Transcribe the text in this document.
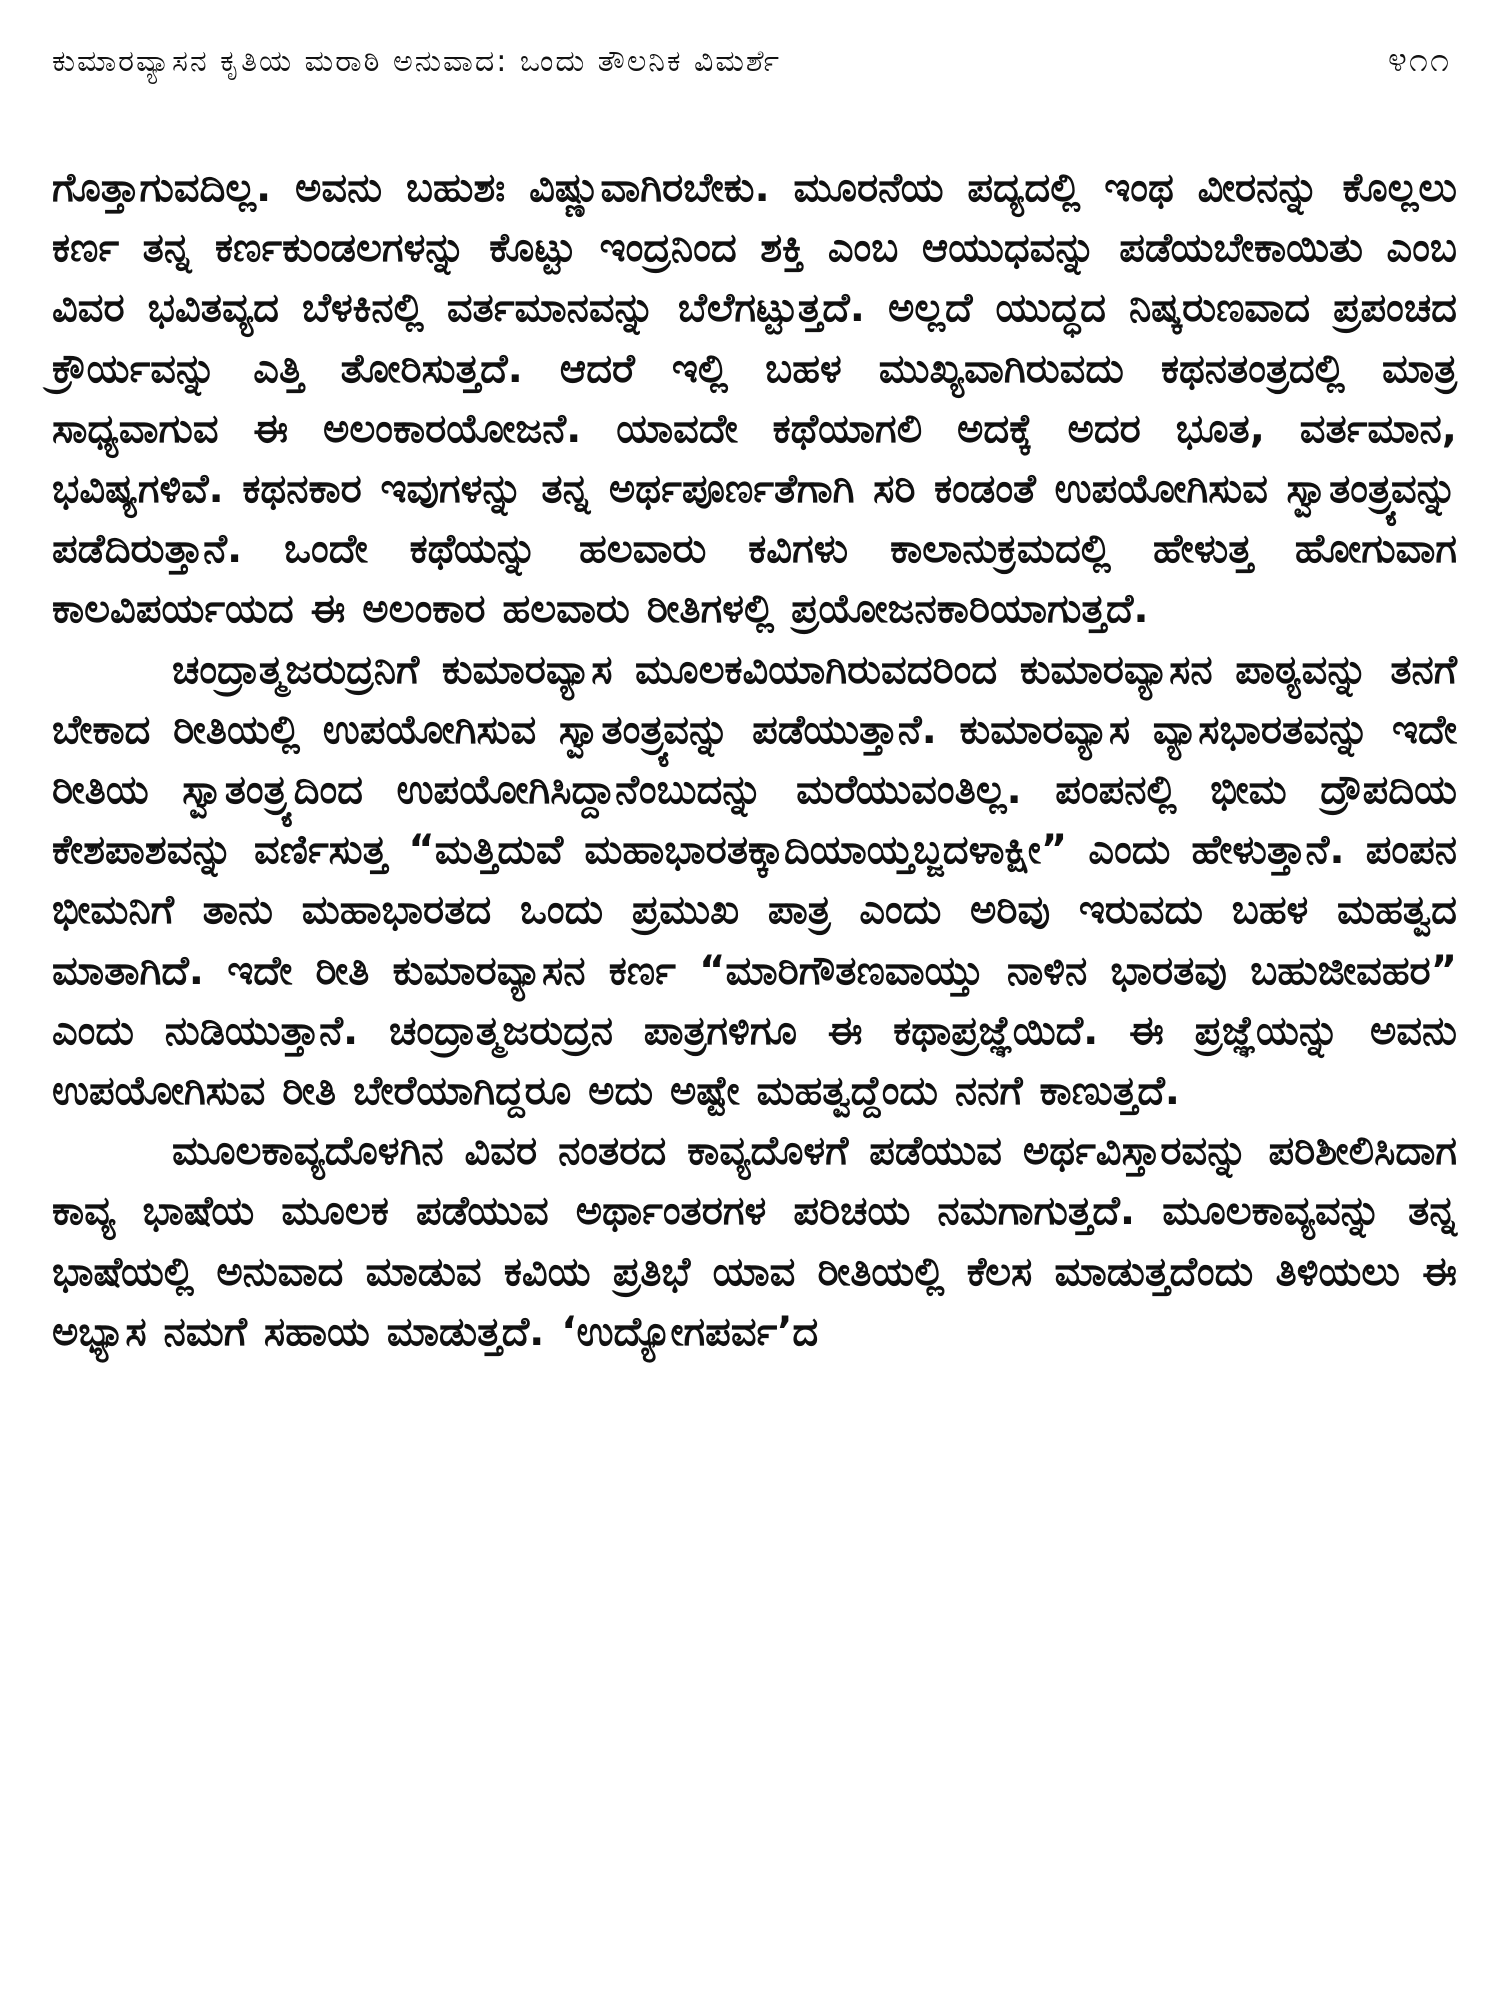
ಕುಮಾರವ್ಯಾಸನ ಕೃತಿಯ ಮರಾಠಿ ಅನುವಾದ: ಒಂದು ತೌಲನಿಕ ವಿಮರ್ಶೆ	೪೧೧

ಗೊತ್ತಾಗುವದಿಲ್ಲ. ಅವನು ಬಹುಶಃ ವಿಷ್ಣುವಾಗಿರಬೇಕು. ಮೂರನೆಯ ಪದ್ಯದಲ್ಲಿ ಇಂಥ ವೀರನನ್ನು ಕೊಲ್ಲಲು ಕರ್ಣ ತನ್ನ ಕರ್ಣಕುಂಡಲಗಳನ್ನು ಕೊಟ್ಟು ಇಂದ್ರನಿಂದ ಶಕ್ತಿ ಎಂಬ ಆಯುಧವನ್ನು ಪಡೆಯಬೇಕಾಯಿತು ಎಂಬ ವಿವರ ಭವಿತವ್ಯದ ಬೆಳಕಿನಲ್ಲಿ ವರ್ತಮಾನವನ್ನು ಬೆಲೆಗಟ್ಟುತ್ತದೆ. ಅಲ್ಲದೆ ಯುದ್ಧದ ನಿಷ್ಕರುಣವಾದ ಪ್ರಪಂಚದ ಕ್ರೌರ್ಯವನ್ನು ಎತ್ತಿ ತೋರಿಸುತ್ತದೆ. ಆದರೆ ಇಲ್ಲಿ ಬಹಳ ಮುಖ್ಯವಾಗಿರುವದು ಕಥನತಂತ್ರದಲ್ಲಿ ಮಾತ್ರ ಸಾಧ್ಯವಾಗುವ ಈ ಅಲಂಕಾರಯೋಜನೆ. ಯಾವದೇ ಕಥೆಯಾಗಲಿ ಅದಕ್ಕೆ ಅದರ ಭೂತ, ವರ್ತಮಾನ, ಭವಿಷ್ಯಗಳಿವೆ. ಕಥನಕಾರ ಇವುಗಳನ್ನು ತನ್ನ ಅರ್ಥಪೂರ್ಣತೆಗಾಗಿ ಸರಿ ಕಂಡಂತೆ ಉಪಯೋಗಿಸುವ ಸ್ವಾತಂತ್ರ್ಯವನ್ನು ಪಡೆದಿರುತ್ತಾನೆ. ಒಂದೇ ಕಥೆಯನ್ನು ಹಲವಾರು ಕವಿಗಳು ಕಾಲಾನುಕ್ರಮದಲ್ಲಿ ಹೇಳುತ್ತ ಹೋಗುವಾಗ ಕಾಲವಿಪರ್ಯಯದ ಈ ಅಲಂಕಾರ ಹಲವಾರು ರೀತಿಗಳಲ್ಲಿ ಪ್ರಯೋಜನಕಾರಿಯಾಗುತ್ತದೆ.

ಚಂದ್ರಾತ್ಮಜರುದ್ರನಿಗೆ ಕುಮಾರವ್ಯಾಸ ಮೂಲಕವಿಯಾಗಿರುವದರಿಂದ ಕುಮಾರವ್ಯಾಸನ ಪಾಠ್ಯವನ್ನು ತನಗೆ ಬೇಕಾದ ರೀತಿಯಲ್ಲಿ ಉಪಯೋಗಿಸುವ ಸ್ವಾತಂತ್ರ್ಯವನ್ನು ಪಡೆಯುತ್ತಾನೆ. ಕುಮಾರವ್ಯಾಸ ವ್ಯಾಸಭಾರತವನ್ನು ಇದೇ ರೀತಿಯ ಸ್ವಾತಂತ್ರ್ಯದಿಂದ ಉಪಯೋಗಿಸಿದ್ದಾನೆಂಬುದನ್ನು ಮರೆಯುವಂತಿಲ್ಲ. ಪಂಪನಲ್ಲಿ ಭೀಮ ದ್ರೌಪದಿಯ ಕೇಶಪಾಶವನ್ನು ವರ್ಣಿಸುತ್ತ “ಮತ್ತಿದುವೆ ಮಹಾಭಾರತಕ್ಕಾದಿಯಾಯ್ತಬ್ಜದಳಾಕ್ಷೀ” ಎಂದು ಹೇಳುತ್ತಾನೆ. ಪಂಪನ ಭೀಮನಿಗೆ ತಾನು ಮಹಾಭಾರತದ ಒಂದು ಪ್ರಮುಖ ಪಾತ್ರ ಎಂದು ಅರಿವು ಇರುವದು ಬಹಳ ಮಹತ್ವದ ಮಾತಾಗಿದೆ. ಇದೇ ರೀತಿ ಕುಮಾರವ್ಯಾಸನ ಕರ್ಣ “ಮಾರಿಗೌತಣವಾಯ್ತು ನಾಳಿನ ಭಾರತವು ಬಹುಜೀವಹರ” ಎಂದು ನುಡಿಯುತ್ತಾನೆ. ಚಂದ್ರಾತ್ಮಜರುದ್ರನ ಪಾತ್ರಗಳಿಗೂ ಈ ಕಥಾಪ್ರಜ್ಞೆಯಿದೆ. ಈ ಪ್ರಜ್ಞೆಯನ್ನು ಅವನು ಉಪಯೋಗಿಸುವ ರೀತಿ ಬೇರೆಯಾಗಿದ್ದರೂ ಅದು ಅಷ್ಟೇ ಮಹತ್ವದ್ದೆಂದು ನನಗೆ ಕಾಣುತ್ತದೆ.

ಮೂಲಕಾವ್ಯದೊಳಗಿನ ವಿವರ ನಂತರದ ಕಾವ್ಯದೊಳಗೆ ಪಡೆಯುವ ಅರ್ಥವಿಸ್ತಾರವನ್ನು ಪರಿಶೀಲಿಸಿದಾಗ ಕಾವ್ಯ ಭಾಷೆಯ ಮೂಲಕ ಪಡೆಯುವ ಅರ್ಥಾಂತರಗಳ ಪರಿಚಯ ನಮಗಾಗುತ್ತದೆ. ಮೂಲಕಾವ್ಯವನ್ನು ತನ್ನ ಭಾಷೆಯಲ್ಲಿ ಅನುವಾದ ಮಾಡುವ ಕವಿಯ ಪ್ರತಿಭೆ ಯಾವ ರೀತಿಯಲ್ಲಿ ಕೆಲಸ ಮಾಡುತ್ತದೆಂದು ತಿಳಿಯಲು ಈ ಅಭ್ಯಾಸ ನಮಗೆ ಸಹಾಯ ಮಾಡುತ್ತದೆ. ‘ಉದ್ಯೋಗಪರ್ವ’ದ
